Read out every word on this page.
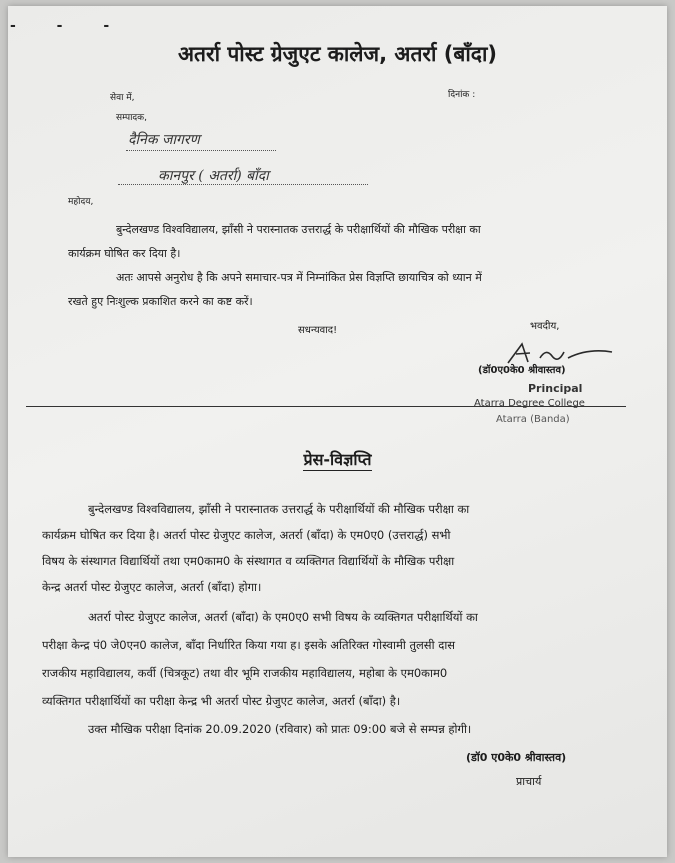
- - -
अतर्रा पोस्ट ग्रेजुएट कालेज, अतर्रा (बाँदा)
सेवा में,	दिनांक :
सम्पादक,
दैनिक जागरण
कानपुर ( अतर्रा) बाँदा
महोदय,
बुन्देलखण्ड विश्वविद्यालय, झाँसी ने परास्नातक उत्तरार्द्ध के परीक्षार्थियों की मौखिक परीक्षा का
कार्यक्रम घोषित कर दिया है।
अतः आपसे अनुरोध है कि अपने समाचार-पत्र में निम्नांकित प्रेस विज्ञप्ति छायाचित्र को ध्यान में
रखते हुए निःशुल्क प्रकाशित करने का कष्ट करें।
सधन्यवाद!	भवदीय,
(डॉ0ए0के0 श्रीवास्तव)
Principal
Atarra Degree College
Atarra (Banda)
प्रेस-विज्ञप्ति
बुन्देलखण्ड विश्वविद्यालय, झाँसी ने परास्नातक उत्तरार्द्ध के परीक्षार्थियों की मौखिक परीक्षा का
कार्यक्रम घोषित कर दिया है। अतर्रा पोस्ट ग्रेजुएट कालेज, अतर्रा (बाँदा) के एम0ए0 (उत्तरार्द्ध) सभी
विषय के संस्थागत विद्यार्थियों तथा एम0काम0 के संस्थागत व व्यक्तिगत विद्यार्थियों के मौखिक परीक्षा
केन्द्र अतर्रा पोस्ट ग्रेजुएट कालेज, अतर्रा (बाँदा) होगा।
अतर्रा पोस्ट ग्रेजुएट कालेज, अतर्रा (बाँदा) के एम0ए0 सभी विषय के व्यक्तिगत परीक्षार्थियों का
परीक्षा केन्द्र पं0 जे0एन0 कालेज, बाँदा निर्धारित किया गया ह। इसके अतिरिक्त गोस्वामी तुलसी दास
राजकीय महाविद्यालय, कर्वी (चित्रकूट) तथा वीर भूमि राजकीय महाविद्यालय, महोबा के एम0काम0
व्यक्तिगत परीक्षार्थियों का परीक्षा केन्द्र भी अतर्रा पोस्ट ग्रेजुएट कालेज, अतर्रा (बाँदा) है।
उक्त मौखिक परीक्षा दिनांक 20.09.2020 (रविवार) को प्रातः 09:00 बजे से सम्पन्न होगी।
(डॉ0 ए0के0 श्रीवास्तव)
प्राचार्य
